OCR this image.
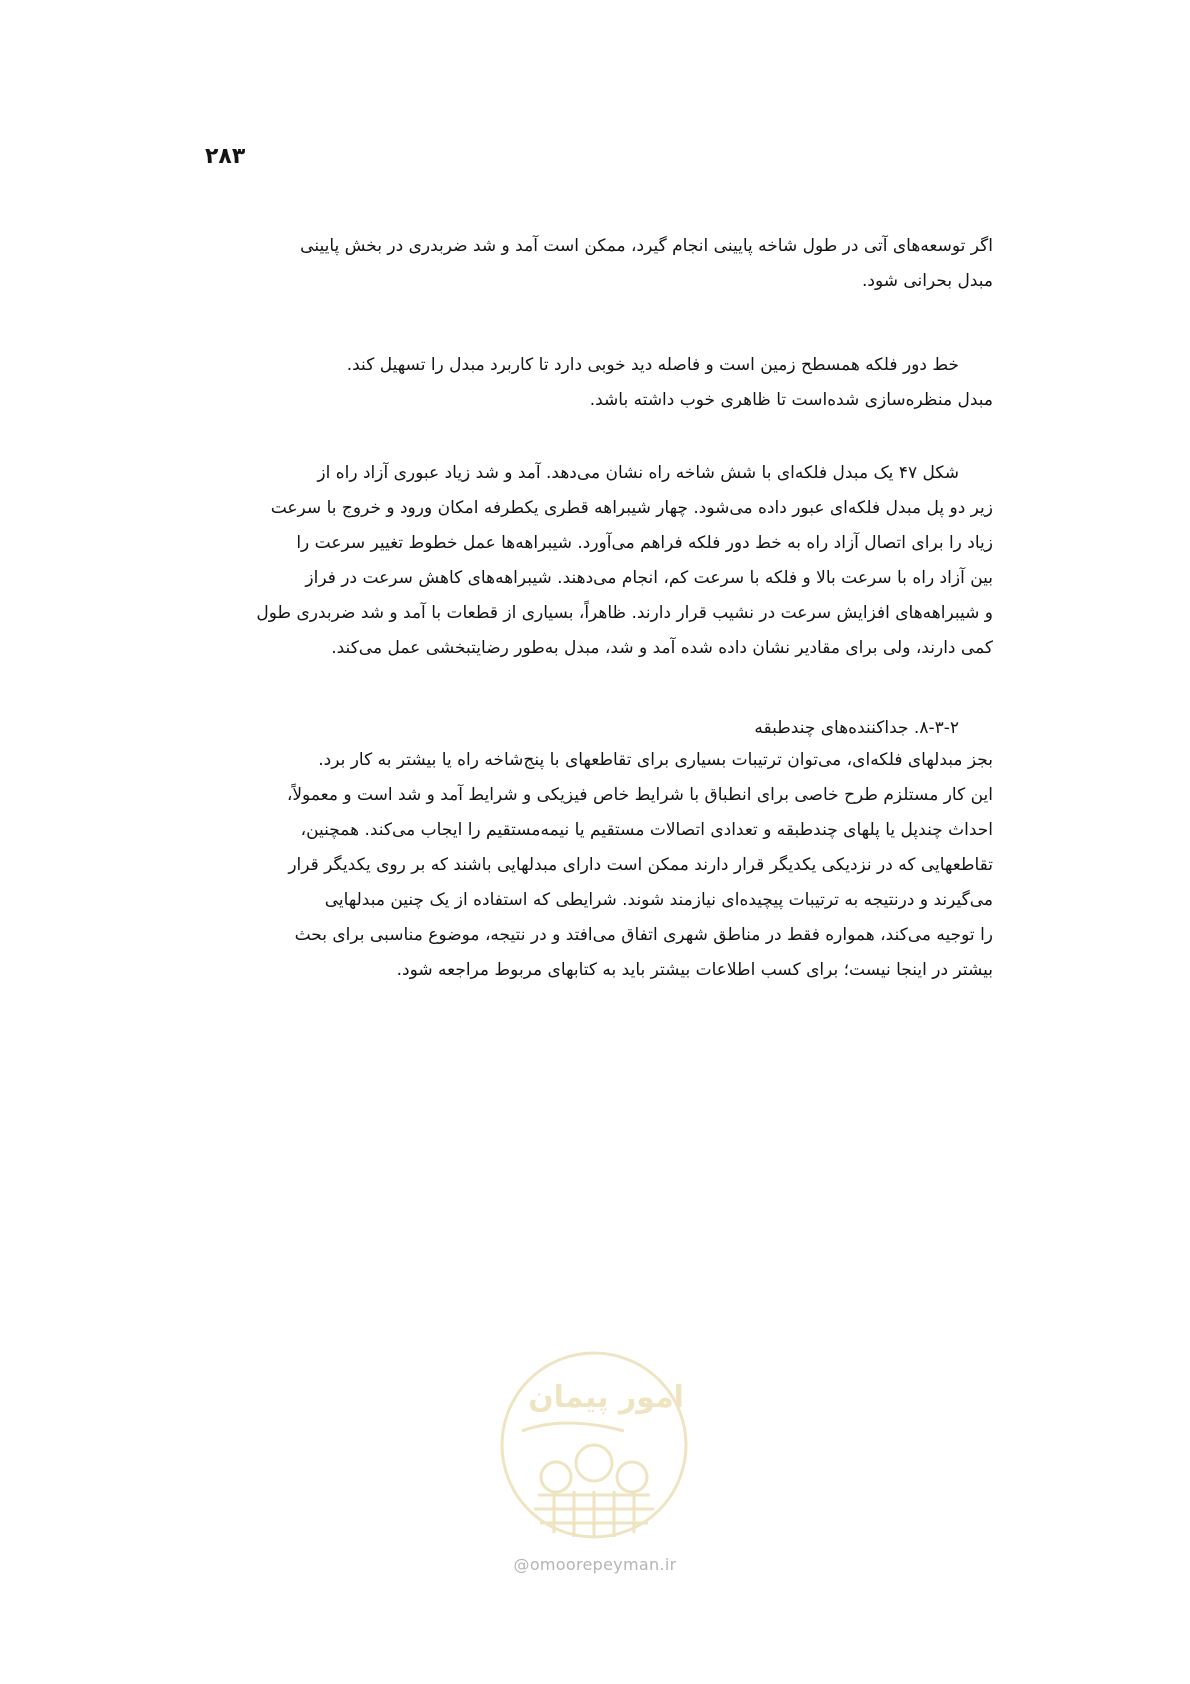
۲۸۳

اگر توسعه‌های آتی در طول شاخه پایینی انجام گیرد، ممکن است آمد و شد ضربدری در بخش پایینی
مبدل بحرانی شود.

خط دور فلکه همسطح زمین است و فاصله دید خوبی دارد تا کاربرد مبدل را تسهیل کند.
مبدل منظره‌سازی شده‌است تا ظاهری خوب داشته باشد.

شکل ۴۷ یک مبدل فلکه‌ای با شش شاخه راه نشان می‌دهد. آمد و شد زیاد عبوری آزاد راه از
زیر دو پل مبدل فلکه‌ای عبور داده می‌شود. چهار شیبراهه قطری یکطرفه امکان ورود و خروج با سرعت
زیاد را برای اتصال آزاد راه به خط دور فلکه فراهم می‌آورد. شیبراهه‌ها عمل خطوط تغییر سرعت را
بین آزاد راه با سرعت بالا و فلکه با سرعت کم، انجام می‌دهند. شیبراهه‌های کاهش سرعت در فراز
و شیبراهه‌های افزایش سرعت در نشیب قرار دارند. ظاهراً، بسیاری از قطعات با آمد و شد ضربدری طول
کمی دارند، ولی برای مقادیر نشان داده شده آمد و شد، مبدل به‌طور رضایتبخشی عمل می‌کند.

۸-۳-۲. جداکننده‌های چندطبقه

بجز مبدلهای فلکه‌ای، می‌توان ترتیبات بسیاری برای تقاطعهای با پنج‌شاخه راه یا بیشتر به کار برد.
این کار مستلزم طرح خاصی برای انطباق با شرایط خاص فیزیکی و شرایط آمد و شد است و معمولاً،
احداث چندپل یا پلهای چندطبقه و تعدادی اتصالات مستقیم یا نیمه‌مستقیم را ایجاب می‌کند. همچنین،
تقاطعهایی که در نزدیکی یکدیگر قرار دارند ممکن است دارای مبدلهایی باشند که بر روی یکدیگر قرار
می‌گیرند و درنتیجه به ترتیبات پیچیده‌ای نیازمند شوند. شرایطی که استفاده از یک چنین مبدلهایی
را توجیه می‌کند، همواره فقط در مناطق شهری اتفاق می‌افتد و در نتیجه، موضوع مناسبی برای بحث
بیشتر در اینجا نیست؛ برای کسب اطلاعات بیشتر باید به کتابهای مربوط مراجعه شود.

امور پیمان
@omoorepeyman.ir
